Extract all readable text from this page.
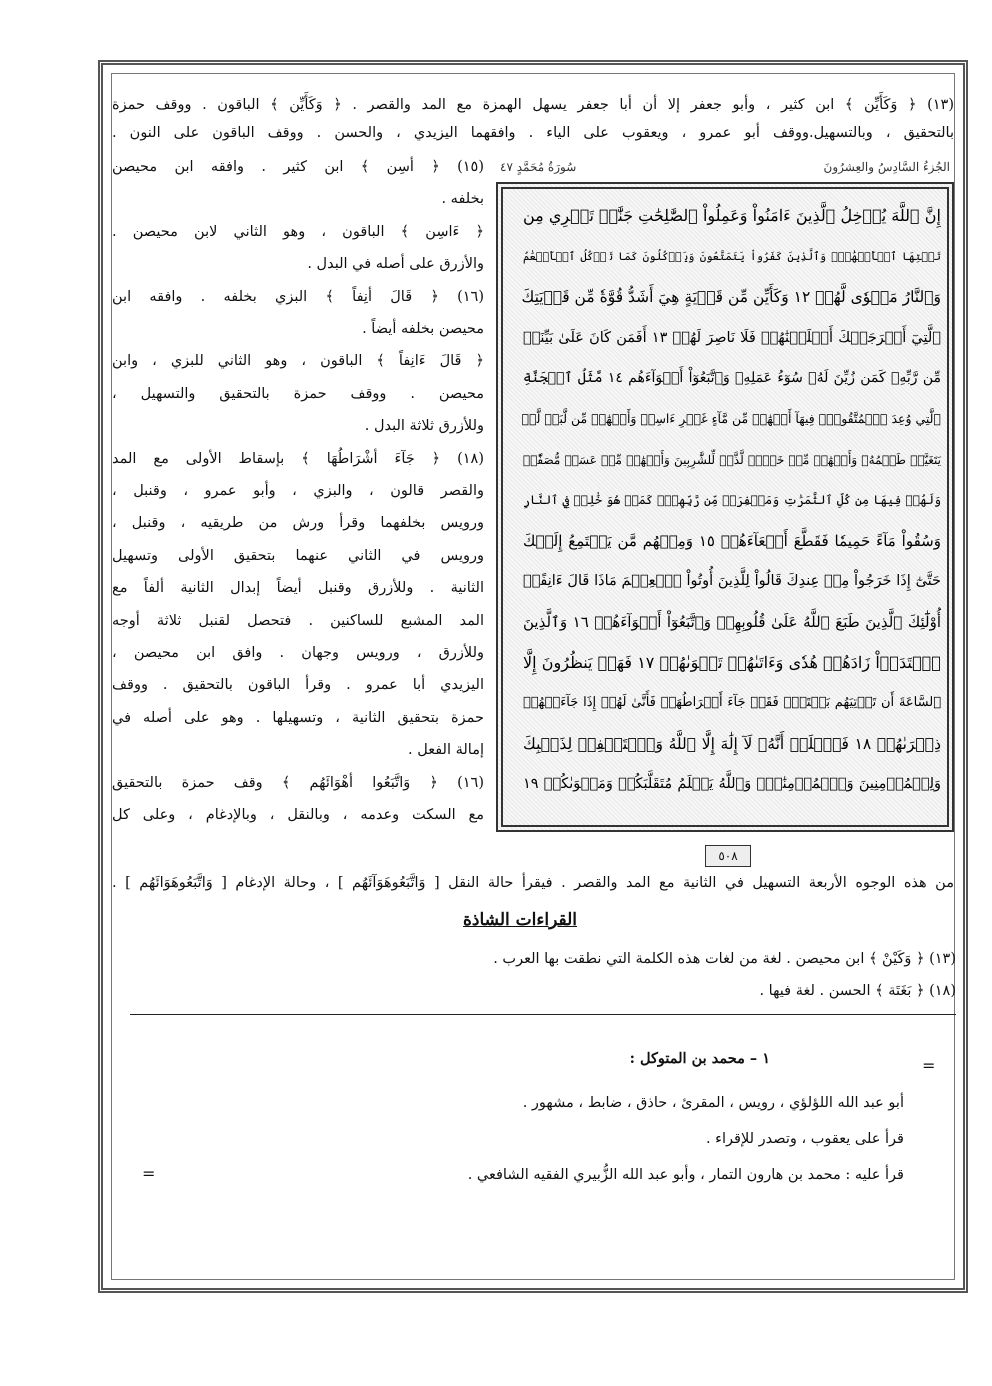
(١٣) ﴿ وَكَأَيِّن ﴾ ابن كثير ، وأبو جعفر إلا أن أبا جعفر يسهل الهمزة مع المد والقصر . ﴿ وَكَأَيِّن ﴾ الباقون . ووقف حمزة
بالتحقيق ، وبالتسهيل.ووقف أبو عمرو ، ويعقوب على الياء . وافقهما اليزيدي ، والحسن . ووقف الباقون على النون .
(١٥) ﴿ أسِن ﴾ ابن كثير . وافقه ابن محيصن
بخلفه .
﴿ ءَاسِن ﴾ الباقون ، وهو الثاني لابن محيصن .
والأزرق على أصله في البدل .
(١٦) ﴿ قَالَ أنِفاً ﴾ البزي بخلفه . وافقه ابن
محيصن بخلفه أيضاً .
﴿ قَالَ ءَانِفاً ﴾ الباقون ، وهو الثاني للبزي ، وابن
محيصن . ووقف حمزة بالتحقيق والتسهيل ،
وللأزرق ثلاثة البدل .
(١٨) ﴿ جَآءَ أشْرَاطُهَا ﴾ بإسقاط الأولى مع المد
والقصر قالون ، والبزي ، وأبو عمرو ، وقنبل ،
ورويس بخلفهما وقرأ ورش من طريقيه ، وقنبل ،
ورويس في الثاني عنهما بتحقيق الأولى وتسهيل
الثانية . وللأزرق وقنبل أيضاً إبدال الثانية ألفاً مع
المد المشبع للساكنين . فتحصل لقنبل ثلاثة أوجه
وللأزرق ، ورويس وجهان . وافق ابن محيصن ،
اليزيدي أبا عمرو . وقرأ الباقون بالتحقيق . ووقف
حمزة بتحقيق الثانية ، وتسهيلها . وهو على أصله في
إمالة الفعل .
(١٦) ﴿ وَاتَّبَعُوا أهْوَائَهُم ﴾ وقف حمزة بالتحقيق
مع السكت وعدمه ، وبالنقل ، وبالإدغام ، وعلى كل
من هذه الوجوه الأربعة التسهيل في الثانية مع المد والقصر . فيقرأ حالة النقل [ وَاتَّبَعُوهَوَآئَهُم ] ، وحالة الإدغام [ وَاتَّبَعُوهَوَائَهُم ] .
الجُزءُ السَّادِسُ والعِشرُونَ
سُورَةُ مُحَمَّدٍ ٤٧
إِنَّ ٱللَّهَ يُدۡخِلُ ٱلَّذِينَ ءَامَنُواْ وَعَمِلُواْ ٱلصَّٰلِحَٰتِ جَنَّٰتٖ تَجۡرِي مِن
تَحۡتِهَا ٱلۡأَنۡهَٰرُۖ وَٱلَّذِينَ كَفَرُواْ يَتَمَتَّعُونَ وَيَأۡكُلُونَ كَمَا تَأۡكُلُ ٱلۡأَنۡعَٰمُ
وَٱلنَّارُ مَثۡوٗى لَّهُمۡ ١٢ وَكَأَيِّن مِّن قَرۡيَةٍ هِيَ أَشَدُّ قُوَّةٗ مِّن قَرۡيَتِكَ
ٱلَّتِيٓ أَخۡرَجَتۡكَ أَهۡلَكۡنَٰهُمۡ فَلَا نَاصِرَ لَهُمۡ ١٣ أَفَمَن كَانَ عَلَىٰ بَيِّنَةٖ
مِّن رَّبِّهِۦ كَمَن زُيِّنَ لَهُۥ سُوٓءُ عَمَلِهِۦ وَٱتَّبَعُوٓاْ أَهۡوَآءَهُم ١٤ مَّثَلُ ٱلۡجَنَّةِ
ٱلَّتِي وُعِدَ ٱلۡمُتَّقُونَۖ فِيهَآ أَنۡهَٰرٞ مِّن مَّآءٍ غَيۡرِ ءَاسِنٖ وَأَنۡهَٰرٞ مِّن لَّبَنٖ لَّمۡ
يَتَغَيَّرۡ طَعۡمُهُۥ وَأَنۡهَٰرٞ مِّنۡ خَمۡرٖ لَّذَّةٖ لِّلشَّٰرِبِينَ وَأَنۡهَٰرٞ مِّنۡ عَسَلٖ مُّصَفّٗىۖ
وَلَهُمۡ فِيهَا مِن كُلِّ ٱلثَّمَرَٰتِ وَمَغۡفِرَةٞ مِّن رَّبِّهِمۡۖ كَمَنۡ هُوَ خَٰلِدٞ فِي ٱلنَّارِ
وَسُقُواْ مَآءً حَمِيمٗا فَقَطَّعَ أَمۡعَآءَهُمۡ ١٥ وَمِنۡهُم مَّن يَسۡتَمِعُ إِلَيۡكَ
حَتَّىٰٓ إِذَا خَرَجُواْ مِنۡ عِندِكَ قَالُواْ لِلَّذِينَ أُوتُواْ ٱلۡعِلۡمَ مَاذَا قَالَ ءَانِفًاۚ
أُوْلَٰٓئِكَ ٱلَّذِينَ طَبَعَ ٱللَّهُ عَلَىٰ قُلُوبِهِمۡ وَٱتَّبَعُوٓاْ أَهۡوَآءَهُمۡ ١٦ وَٱلَّذِينَ
ٱهۡتَدَوۡاْ زَادَهُمۡ هُدٗى وَءَاتَىٰهُمۡ تَقۡوَىٰهُمۡ ١٧ فَهَلۡ يَنظُرُونَ إِلَّا
ٱلسَّاعَةَ أَن تَأۡتِيَهُم بَغۡتَةٗۖ فَقَدۡ جَآءَ أَشۡرَاطُهَاۚ فَأَنَّىٰ لَهُمۡ إِذَا جَآءَتۡهُمۡ
ذِكۡرَىٰهُمۡ ١٨ فَٱعۡلَمۡ أَنَّهُۥ لَآ إِلَٰهَ إِلَّا ٱللَّهُ وَٱسۡتَغۡفِرۡ لِذَنۢبِكَ
وَلِلۡمُؤۡمِنِينَ وَٱلۡمُؤۡمِنَٰتِۗ وَٱللَّهُ يَعۡلَمُ مُتَقَلَّبَكُمۡ وَمَثۡوَىٰكُمۡ ١٩
٥٠٨
القراءات الشاذة
(١٣) ﴿ وَكَيْنْ ﴾ ابن محيصن . لغة من لغات هذه الكلمة التي نطقت بها العرب .
(١٨) ﴿ بَغَتَة ﴾ الحسن . لغة فيها .
=
١ – محمد بن المتوكل :
أبو عبد الله اللؤلؤي ، رويس ، المقرئ ، حاذق ، ضابط ، مشهور .
قرأ على يعقوب ، وتصدر للإقراء .
قرأ عليه : محمد بن هارون التمار ، وأبو عبد الله الزُّبيري الفقيه الشافعي .
=
